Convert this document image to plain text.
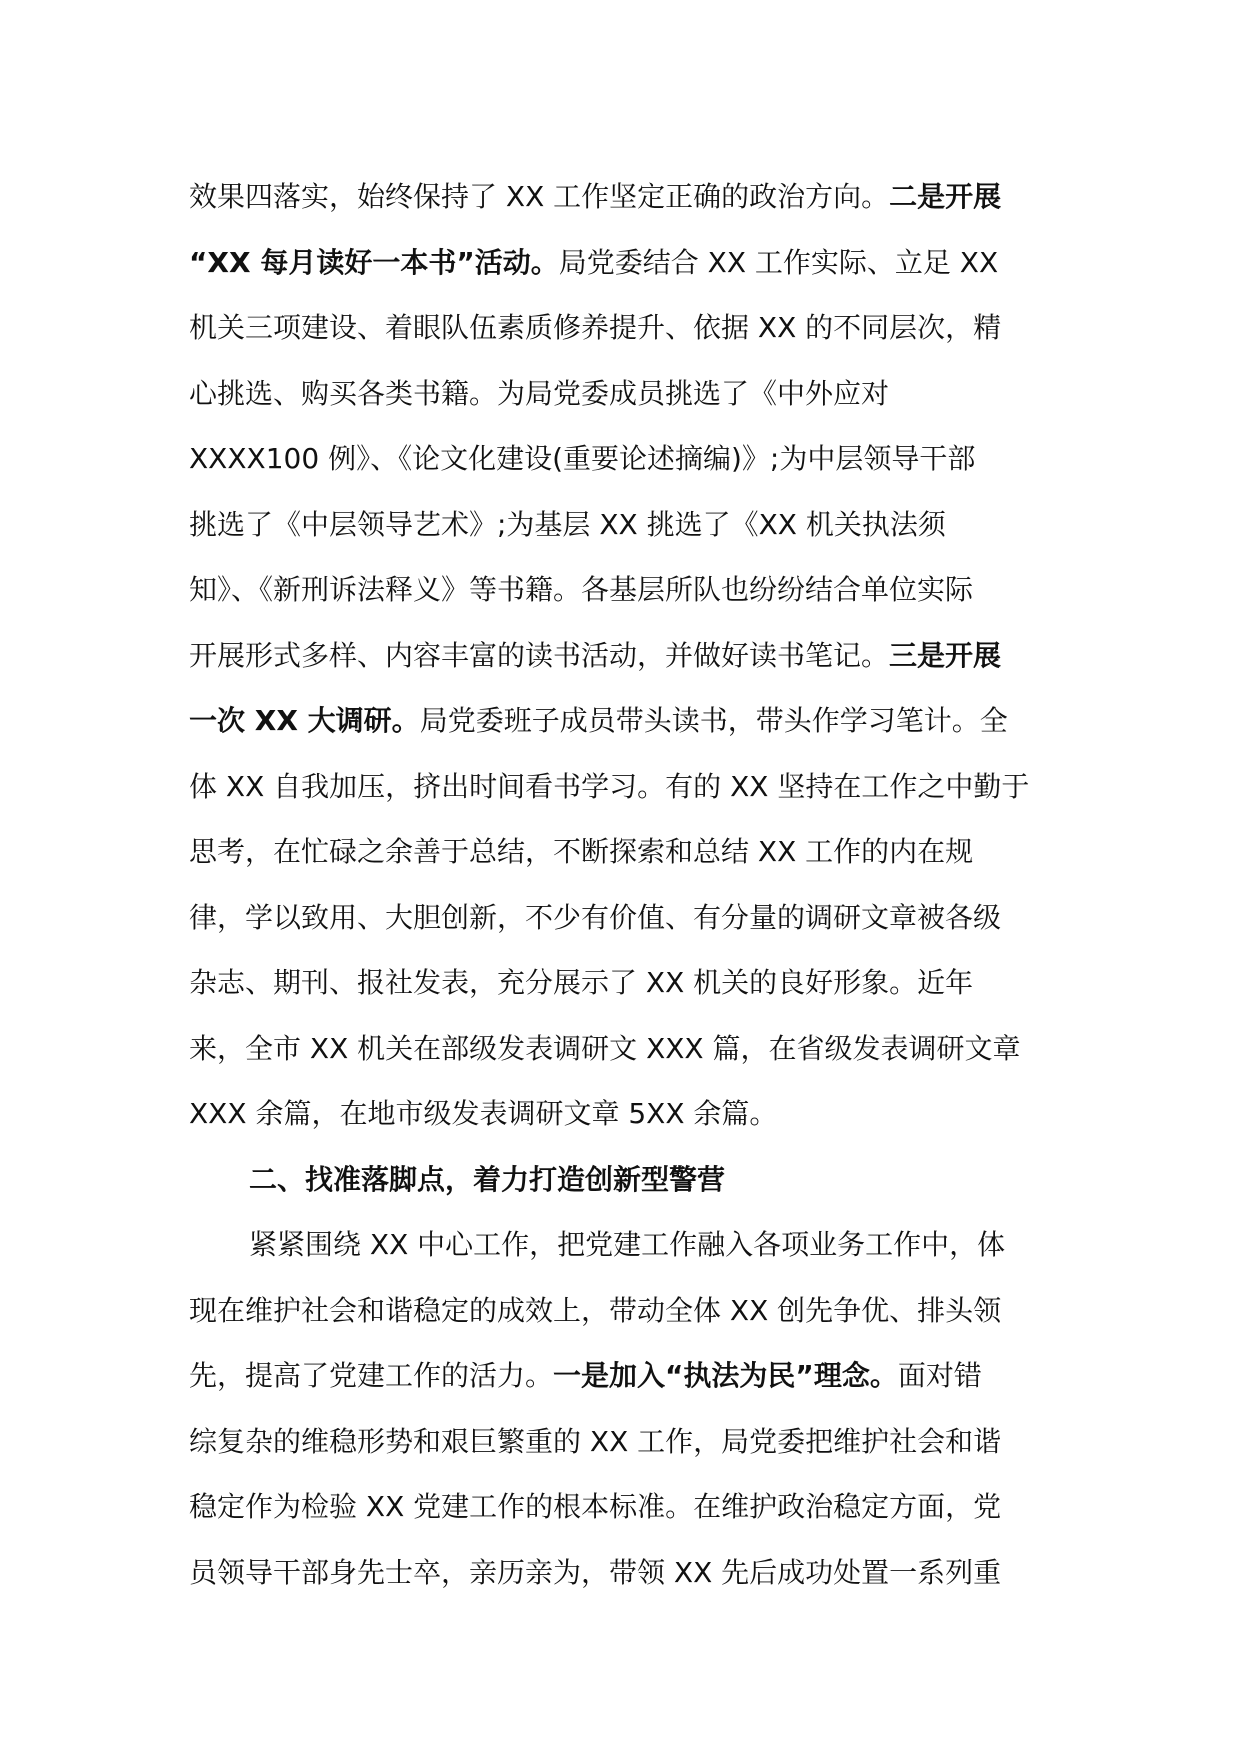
效果四落实，始终保持了 XX 工作坚定正确的政治方向。二是开展
“XX 每月读好一本书”活动。局党委结合 XX 工作实际、立足 XX
机关三项建设、着眼队伍素质修养提升、依据 XX 的不同层次，精
心挑选、购买各类书籍。为局党委成员挑选了《中外应对
XXXX100 例》、《论文化建设(重要论述摘编)》;为中层领导干部
挑选了《中层领导艺术》;为基层 XX 挑选了《XX 机关执法须
知》、《新刑诉法释义》等书籍。各基层所队也纷纷结合单位实际
开展形式多样、内容丰富的读书活动，并做好读书笔记。三是开展
一次 XX 大调研。局党委班子成员带头读书，带头作学习笔计。全
体 XX 自我加压，挤出时间看书学习。有的 XX 坚持在工作之中勤于
思考，在忙碌之余善于总结，不断探索和总结 XX 工作的内在规
律，学以致用、大胆创新，不少有价值、有分量的调研文章被各级
杂志、期刊、报社发表，充分展示了 XX 机关的良好形象。近年
来，全市 XX 机关在部级发表调研文 XXX 篇，在省级发表调研文章
XXX 余篇，在地市级发表调研文章 5XX 余篇。
二、找准落脚点，着力打造创新型警营
紧紧围绕 XX 中心工作，把党建工作融入各项业务工作中，体
现在维护社会和谐稳定的成效上，带动全体 XX 创先争优、排头领
先，提高了党建工作的活力。一是加入“执法为民”理念。面对错
综复杂的维稳形势和艰巨繁重的 XX 工作，局党委把维护社会和谐
稳定作为检验 XX 党建工作的根本标准。在维护政治稳定方面，党
员领导干部身先士卒，亲历亲为，带领 XX 先后成功处置一系列重
